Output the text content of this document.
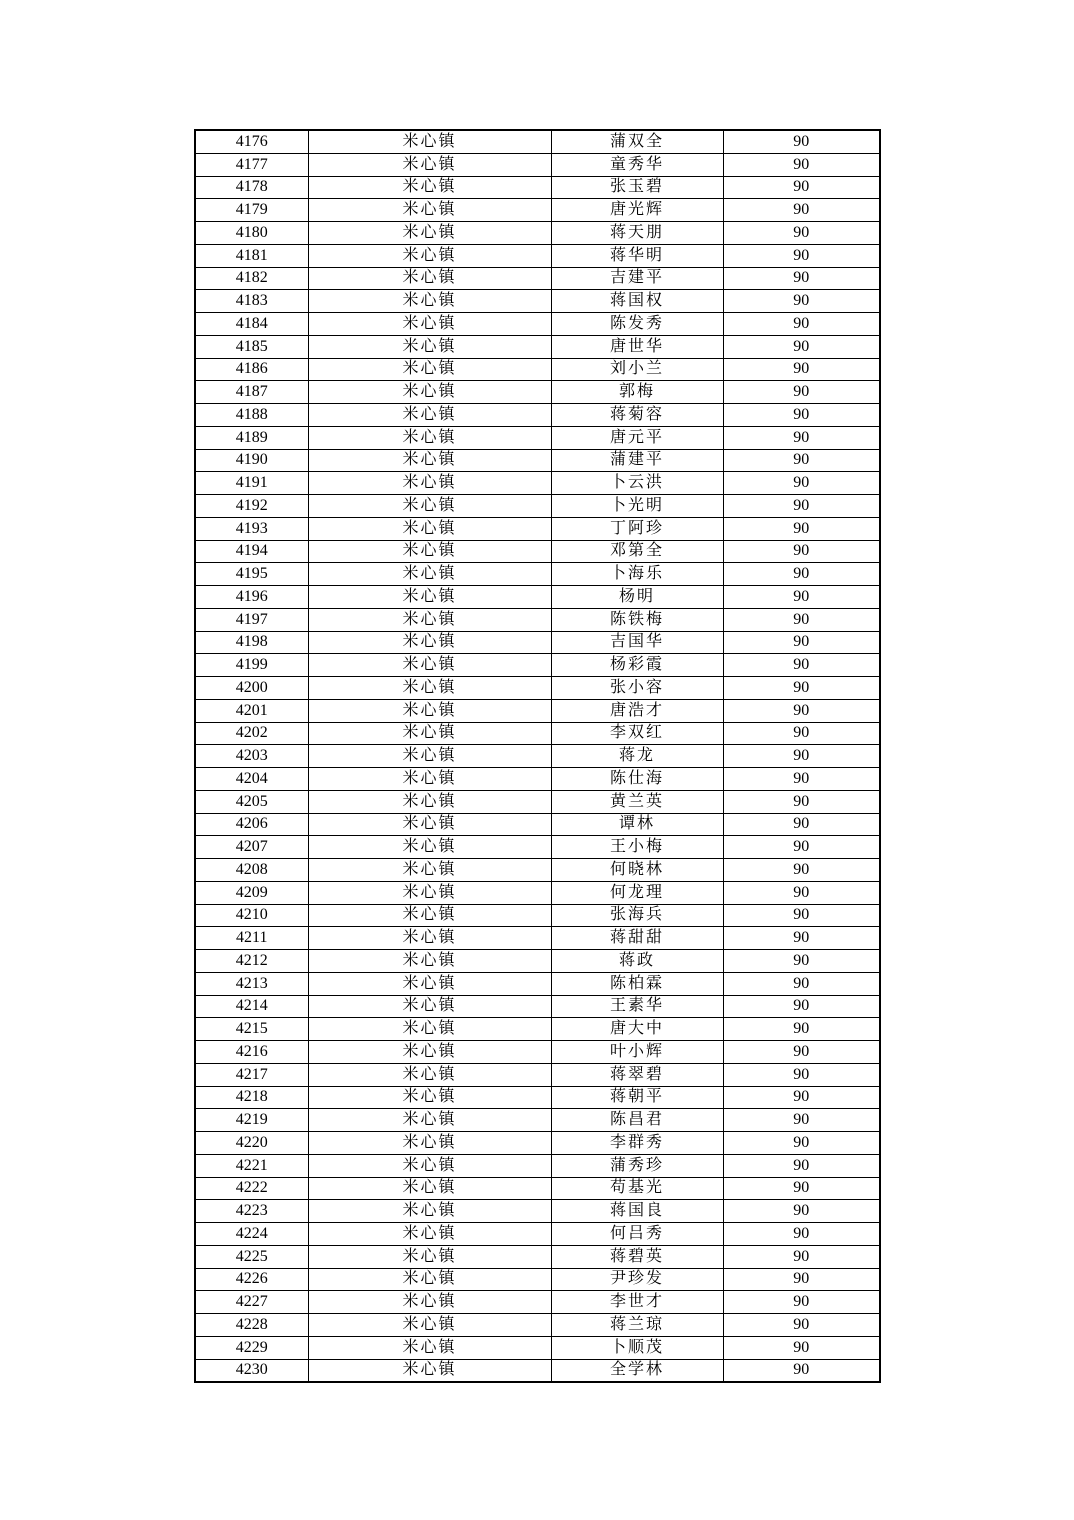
4176	米心镇	蒲双全	90
4177	米心镇	童秀华	90
4178	米心镇	张玉碧	90
4179	米心镇	唐光辉	90
4180	米心镇	蒋天朋	90
4181	米心镇	蒋华明	90
4182	米心镇	吉建平	90
4183	米心镇	蒋国权	90
4184	米心镇	陈发秀	90
4185	米心镇	唐世华	90
4186	米心镇	刘小兰	90
4187	米心镇	郭梅	90
4188	米心镇	蒋菊容	90
4189	米心镇	唐元平	90
4190	米心镇	蒲建平	90
4191	米心镇	卜云洪	90
4192	米心镇	卜光明	90
4193	米心镇	丁阿珍	90
4194	米心镇	邓第全	90
4195	米心镇	卜海乐	90
4196	米心镇	杨明	90
4197	米心镇	陈铁梅	90
4198	米心镇	吉国华	90
4199	米心镇	杨彩霞	90
4200	米心镇	张小容	90
4201	米心镇	唐浩才	90
4202	米心镇	李双红	90
4203	米心镇	蒋龙	90
4204	米心镇	陈仕海	90
4205	米心镇	黄兰英	90
4206	米心镇	谭林	90
4207	米心镇	王小梅	90
4208	米心镇	何晓林	90
4209	米心镇	何龙理	90
4210	米心镇	张海兵	90
4211	米心镇	蒋甜甜	90
4212	米心镇	蒋政	90
4213	米心镇	陈柏霖	90
4214	米心镇	王素华	90
4215	米心镇	唐大中	90
4216	米心镇	叶小辉	90
4217	米心镇	蒋翠碧	90
4218	米心镇	蒋朝平	90
4219	米心镇	陈昌君	90
4220	米心镇	李群秀	90
4221	米心镇	蒲秀珍	90
4222	米心镇	苟基光	90
4223	米心镇	蒋国良	90
4224	米心镇	何吕秀	90
4225	米心镇	蒋碧英	90
4226	米心镇	尹珍发	90
4227	米心镇	李世才	90
4228	米心镇	蒋兰琼	90
4229	米心镇	卜顺茂	90
4230	米心镇	全学林	90
